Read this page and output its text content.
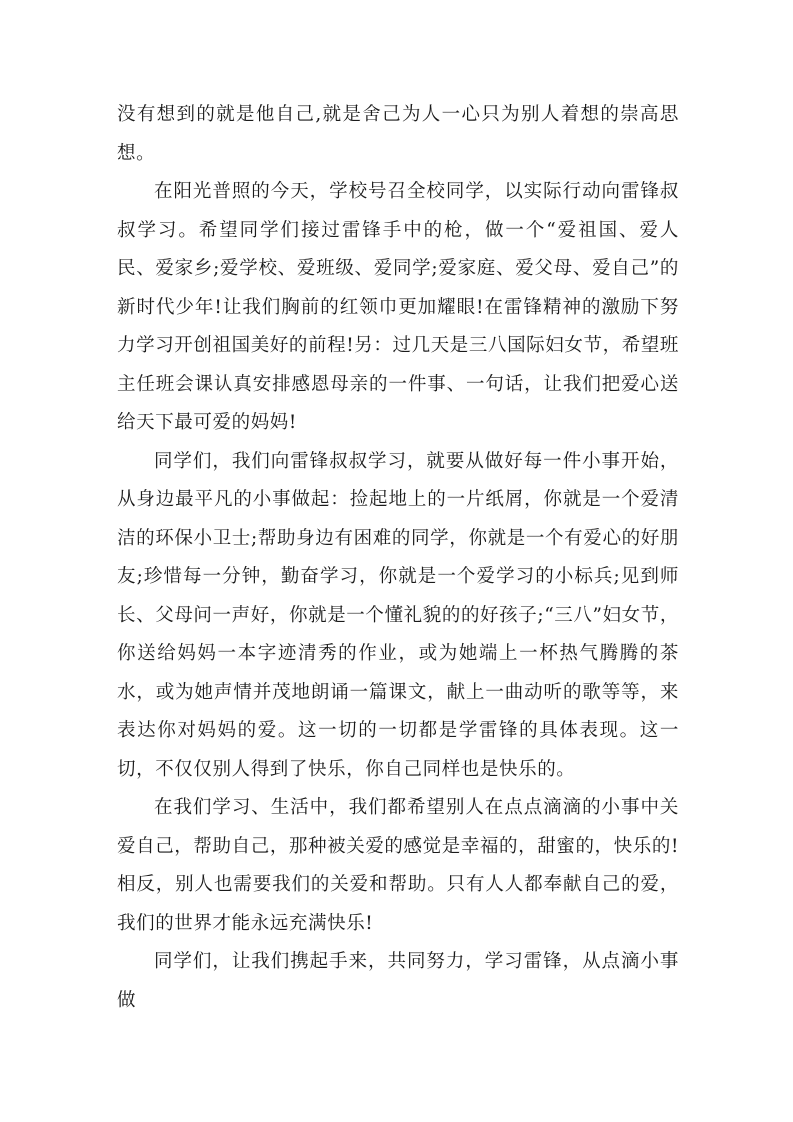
没有想到的就是他自己,就是舍己为人一心只为别人着想的崇高思想。

在阳光普照的今天，学校号召全校同学，以实际行动向雷锋叔叔学习。希望同学们接过雷锋手中的枪，做一个“爱祖国、爱人民、爱家乡;爱学校、爱班级、爱同学;爱家庭、爱父母、爱自己”的新时代少年!让我们胸前的红领巾更加耀眼!在雷锋精神的激励下努力学习开创祖国美好的前程!另：过几天是三八国际妇女节，希望班主任班会课认真安排感恩母亲的一件事、一句话，让我们把爱心送给天下最可爱的妈妈!

同学们，我们向雷锋叔叔学习，就要从做好每一件小事开始，从身边最平凡的小事做起：捡起地上的一片纸屑，你就是一个爱清洁的环保小卫士;帮助身边有困难的同学，你就是一个有爱心的好朋友;珍惜每一分钟，勤奋学习，你就是一个爱学习的小标兵;见到师长、父母问一声好，你就是一个懂礼貌的的好孩子;“三八”妇女节，你送给妈妈一本字迹清秀的作业，或为她端上一杯热气腾腾的茶水，或为她声情并茂地朗诵一篇课文，献上一曲动听的歌等等，来表达你对妈妈的爱。这一切的一切都是学雷锋的具体表现。这一切，不仅仅别人得到了快乐，你自己同样也是快乐的。

在我们学习、生活中，我们都希望别人在点点滴滴的小事中关爱自己，帮助自己，那种被关爱的感觉是幸福的，甜蜜的，快乐的!相反，别人也需要我们的关爱和帮助。只有人人都奉献自己的爱，我们的世界才能永远充满快乐!

同学们，让我们携起手来，共同努力，学习雷锋，从点滴小事做
